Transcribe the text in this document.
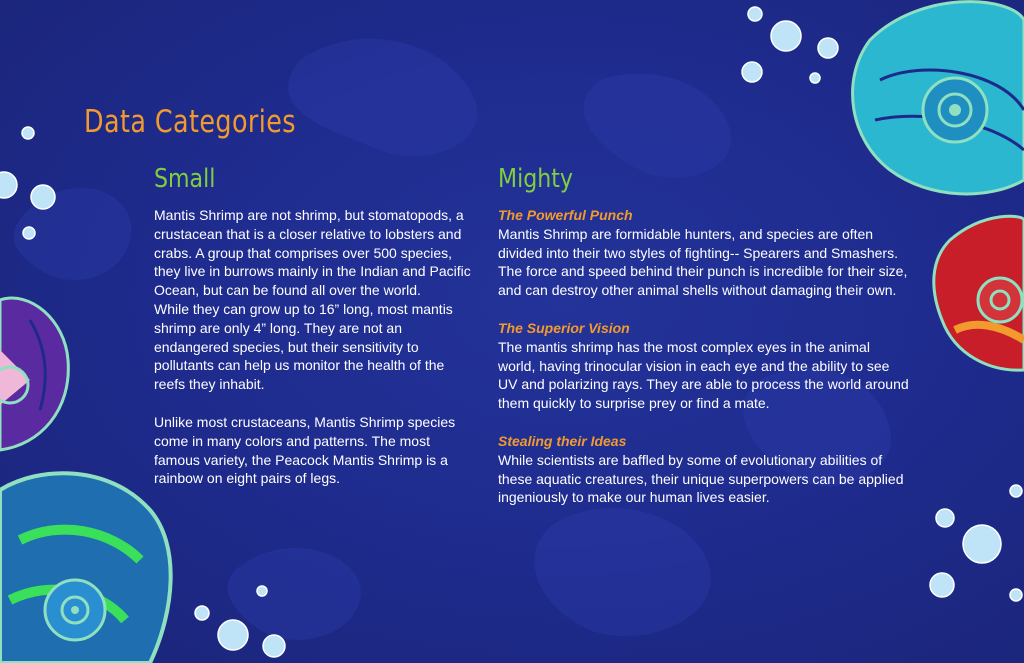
Data Categories
Small

Mantis Shrimp are not shrimp, but stomatopods, a crustacean that is a closer relative to lobsters and crabs. A group that comprises over 500 species, they live in burrows mainly in the Indian and Pacific Ocean, but can be found all over the world.

While they can grow up to 16” long, most mantis shrimp are only 4” long. They are not an endangered species, but their sensitivity to pollutants can help us monitor the health of the reefs they inhabit.

Unlike most crustaceans, Mantis Shrimp species come in many colors and patterns. The most famous variety, the Peacock Mantis Shrimp is a rainbow on eight pairs of legs.

Mighty

The Powerful Punch

Mantis Shrimp are formidable hunters, and species are often divided into their two styles of fighting-- Spearers and Smashers. The force and speed behind their punch is incredible for their size, and can destroy other animal shells without damaging their own.

The Superior Vision

The mantis shrimp has the most complex eyes in the animal world, having trinocular vision in each eye and the ability to see UV and polarizing rays. They are able to process the world around them quickly to surprise prey or find a mate.

Stealing their Ideas

While scientists are baffled by some of evolutionary abilities of these aquatic creatures, their unique superpowers can be applied ingeniously to make our human lives easier.
